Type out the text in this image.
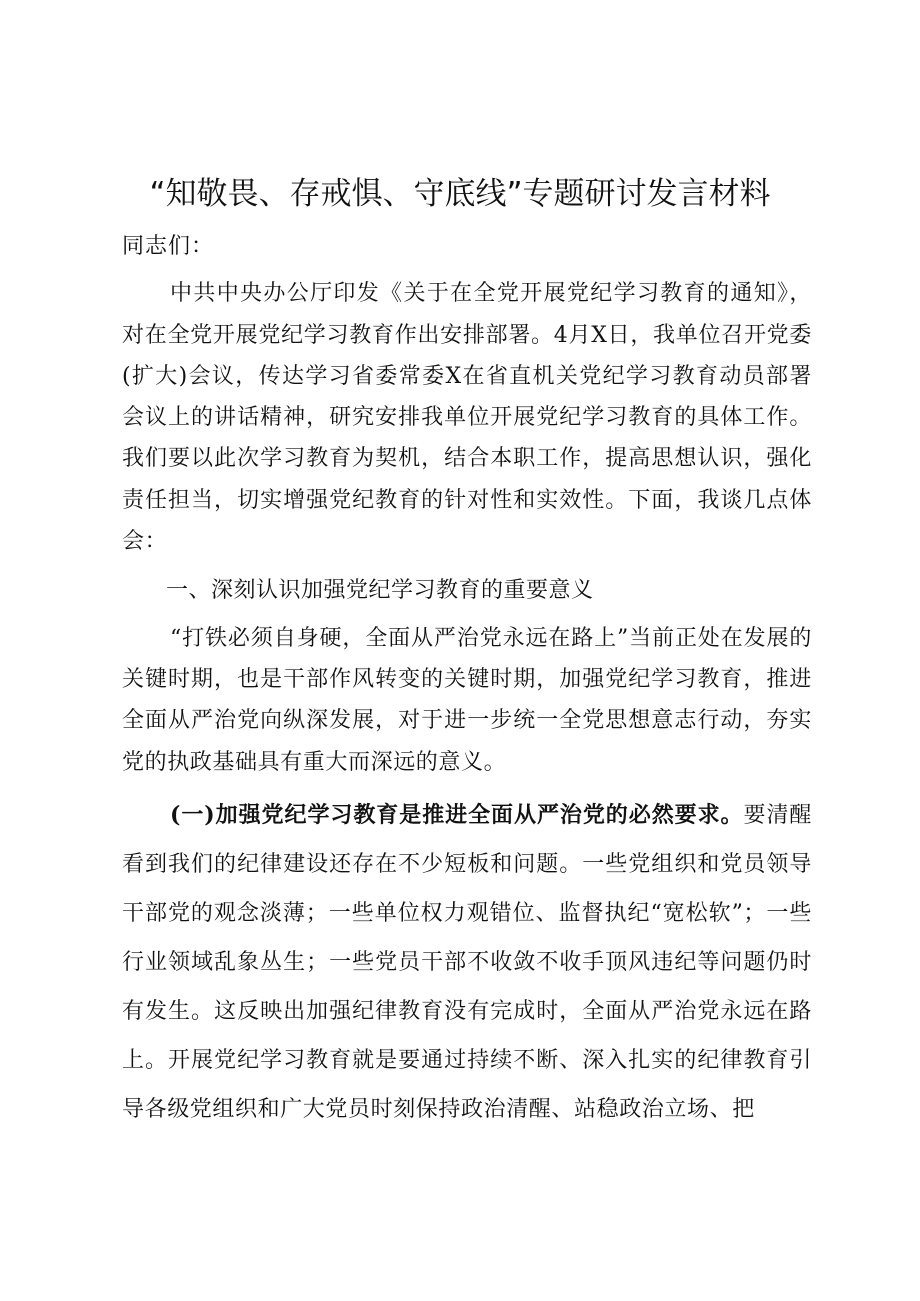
“知敬畏、存戒惧、守底线”专题研讨发言材料

同志们：

中共中央办公厅印发《关于在全党开展党纪学习教育的通知》，对在全党开展党纪学习教育作出安排部署。4月X日，我单位召开党委(扩大)会议，传达学习省委常委X在省直机关党纪学习教育动员部署会议上的讲话精神，研究安排我单位开展党纪学习教育的具体工作。我们要以此次学习教育为契机，结合本职工作，提高思想认识，强化责任担当，切实增强党纪教育的针对性和实效性。下面，我谈几点体会：

一、深刻认识加强党纪学习教育的重要意义

“打铁必须自身硬，全面从严治党永远在路上”当前正处在发展的关键时期，也是干部作风转变的关键时期，加强党纪学习教育，推进全面从严治党向纵深发展，对于进一步统一全党思想意志行动，夯实党的执政基础具有重大而深远的意义。

(一)加强党纪学习教育是推进全面从严治党的必然要求。要清醒看到我们的纪律建设还存在不少短板和问题。一些党组织和党员领导干部党的观念淡薄；一些单位权力观错位、监督执纪“宽松软”；一些行业领域乱象丛生；一些党员干部不收敛不收手顶风违纪等问题仍时有发生。这反映出加强纪律教育没有完成时，全面从严治党永远在路上。开展党纪学习教育就是要通过持续不断、深入扎实的纪律教育引导各级党组织和广大党员时刻保持政治清醒、站稳政治立场、把
